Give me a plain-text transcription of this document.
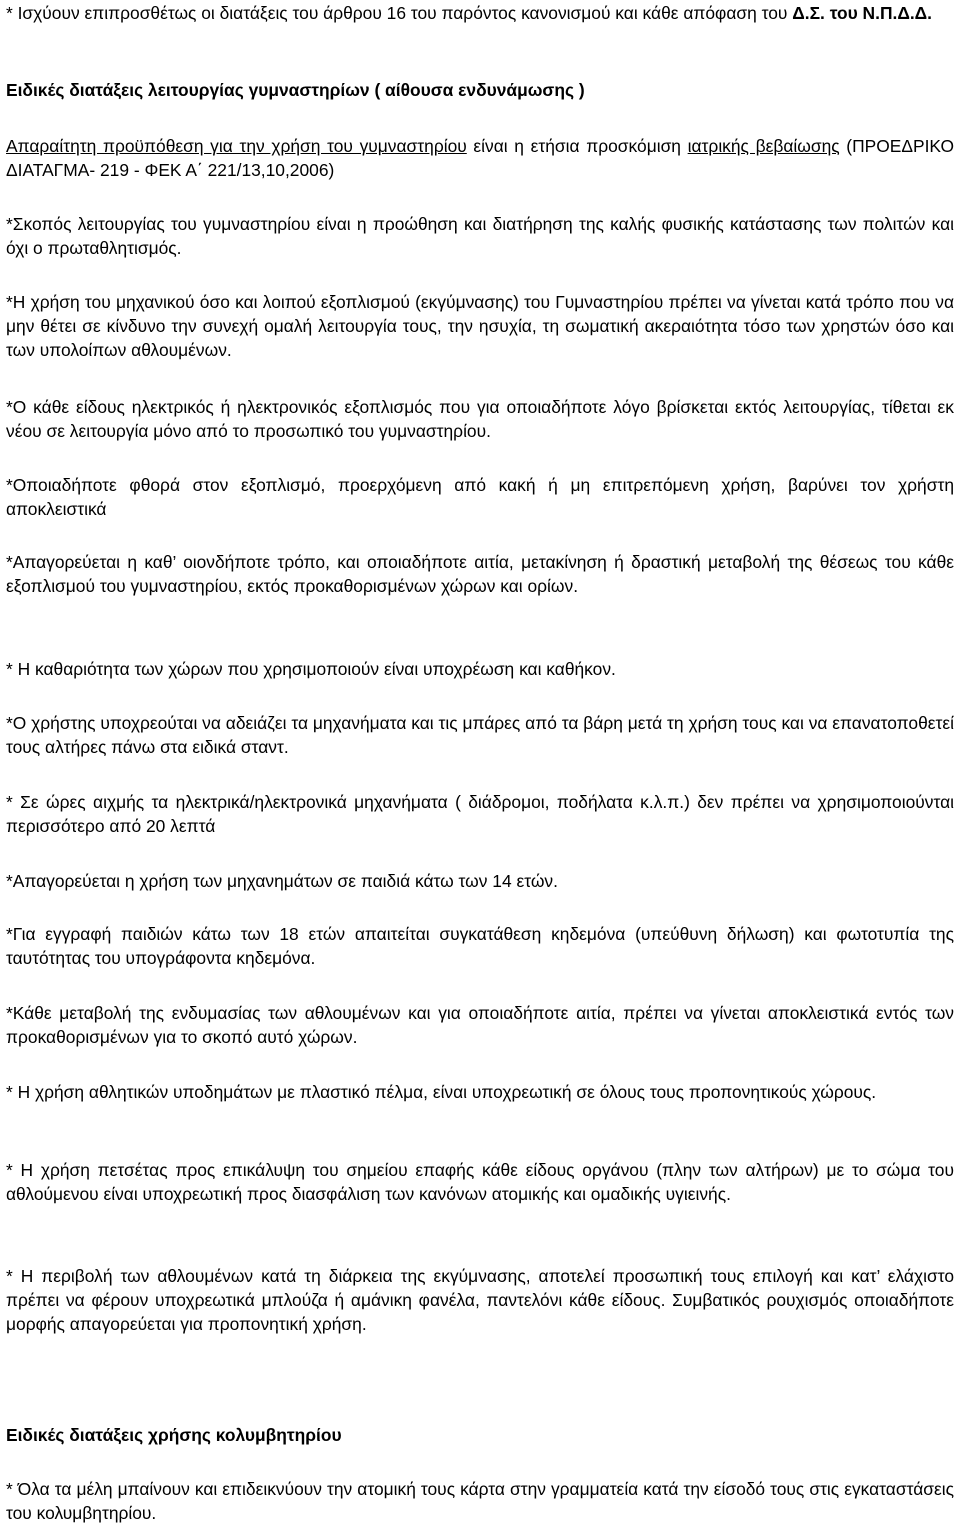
* Ισχύουν επιπροσθέτως οι διατάξεις του άρθρου 16 του παρόντος κανονισμού και κάθε απόφαση του Δ.Σ. του Ν.Π.Δ.Δ.

Ειδικές διατάξεις λειτουργίας γυμναστηρίων ( αίθουσα ενδυνάμωσης )

Απαραίτητη προϋπόθεση για την χρήση του γυμναστηρίου είναι η ετήσια προσκόμιση ιατρικής βεβαίωσης (ΠΡΟΕΔΡΙΚΟ ΔΙΑΤΑΓΜΑ- 219 - ΦΕΚ Α΄ 221/13,10,2006)

*Σκοπός λειτουργίας του γυμναστηρίου είναι η προώθηση και διατήρηση της καλής φυσικής κατάστασης των πολιτών και όχι ο πρωταθλητισμός.

*Η χρήση του μηχανικού όσο και λοιπού εξοπλισμού (εκγύμνασης) του Γυμναστηρίου πρέπει να γίνεται κατά τρόπο που να μην θέτει σε κίνδυνο την συνεχή ομαλή λειτουργία τους, την ησυχία, τη σωματική ακεραιότητα τόσο των χρηστών όσο και των υπολοίπων αθλουμένων.

*Ο κάθε είδους ηλεκτρικός ή ηλεκτρονικός εξοπλισμός που για οποιαδήποτε λόγο βρίσκεται εκτός λειτουργίας, τίθεται εκ νέου σε λειτουργία μόνο από το προσωπικό του γυμναστηρίου.

*Οποιαδήποτε φθορά στον εξοπλισμό, προερχόμενη από κακή ή μη επιτρεπόμενη χρήση, βαρύνει τον χρήστη αποκλειστικά

*Απαγορεύεται η καθ’ οιονδήποτε τρόπο, και οποιαδήποτε αιτία, μετακίνηση ή δραστική μεταβολή της θέσεως του κάθε εξοπλισμού του γυμναστηρίου, εκτός προκαθορισμένων χώρων και ορίων.

* Η καθαριότητα των χώρων που χρησιμοποιούν είναι υποχρέωση και καθήκον.

*Ο χρήστης υποχρεούται να αδειάζει τα μηχανήματα και τις μπάρες από τα βάρη μετά τη χρήση τους και να επανατοποθετεί τους αλτήρες πάνω στα ειδικά σταντ.

* Σε ώρες αιχμής τα ηλεκτρικά/ηλεκτρονικά μηχανήματα ( διάδρομοι, ποδήλατα κ.λ.π.) δεν πρέπει να χρησιμοποιούνται περισσότερο από 20 λεπτά

*Απαγορεύεται η χρήση των μηχανημάτων σε παιδιά κάτω των 14 ετών.

*Για εγγραφή παιδιών κάτω των 18 ετών απαιτείται συγκατάθεση κηδεμόνα (υπεύθυνη δήλωση) και φωτοτυπία της ταυτότητας του υπογράφοντα κηδεμόνα.

*Κάθε μεταβολή της ενδυμασίας των αθλουμένων και για οποιαδήποτε αιτία, πρέπει να γίνεται αποκλειστικά εντός των προκαθορισμένων για το σκοπό αυτό χώρων.

* Η χρήση αθλητικών υποδημάτων με πλαστικό πέλμα, είναι υποχρεωτική σε όλους τους προπονητικούς χώρους.

* Η χρήση πετσέτας προς επικάλυψη του σημείου επαφής κάθε είδους οργάνου (πλην των αλτήρων) με το σώμα του αθλούμενου είναι υποχρεωτική προς διασφάλιση των κανόνων ατομικής και ομαδικής υγιεινής.

* Η περιβολή των αθλουμένων κατά τη διάρκεια της εκγύμνασης, αποτελεί προσωπική τους επιλογή και κατ’ ελάχιστο πρέπει να φέρουν υποχρεωτικά μπλούζα ή αμάνικη φανέλα, παντελόνι κάθε είδους. Συμβατικός ρουχισμός οποιαδήποτε μορφής απαγορεύεται για προπονητική χρήση.

Ειδικές διατάξεις χρήσης κολυμβητηρίου

* Όλα τα μέλη μπαίνουν και επιδεικνύουν την ατομική τους κάρτα στην γραμματεία κατά την είσοδό τους στις εγκαταστάσεις του κολυμβητηρίου.
